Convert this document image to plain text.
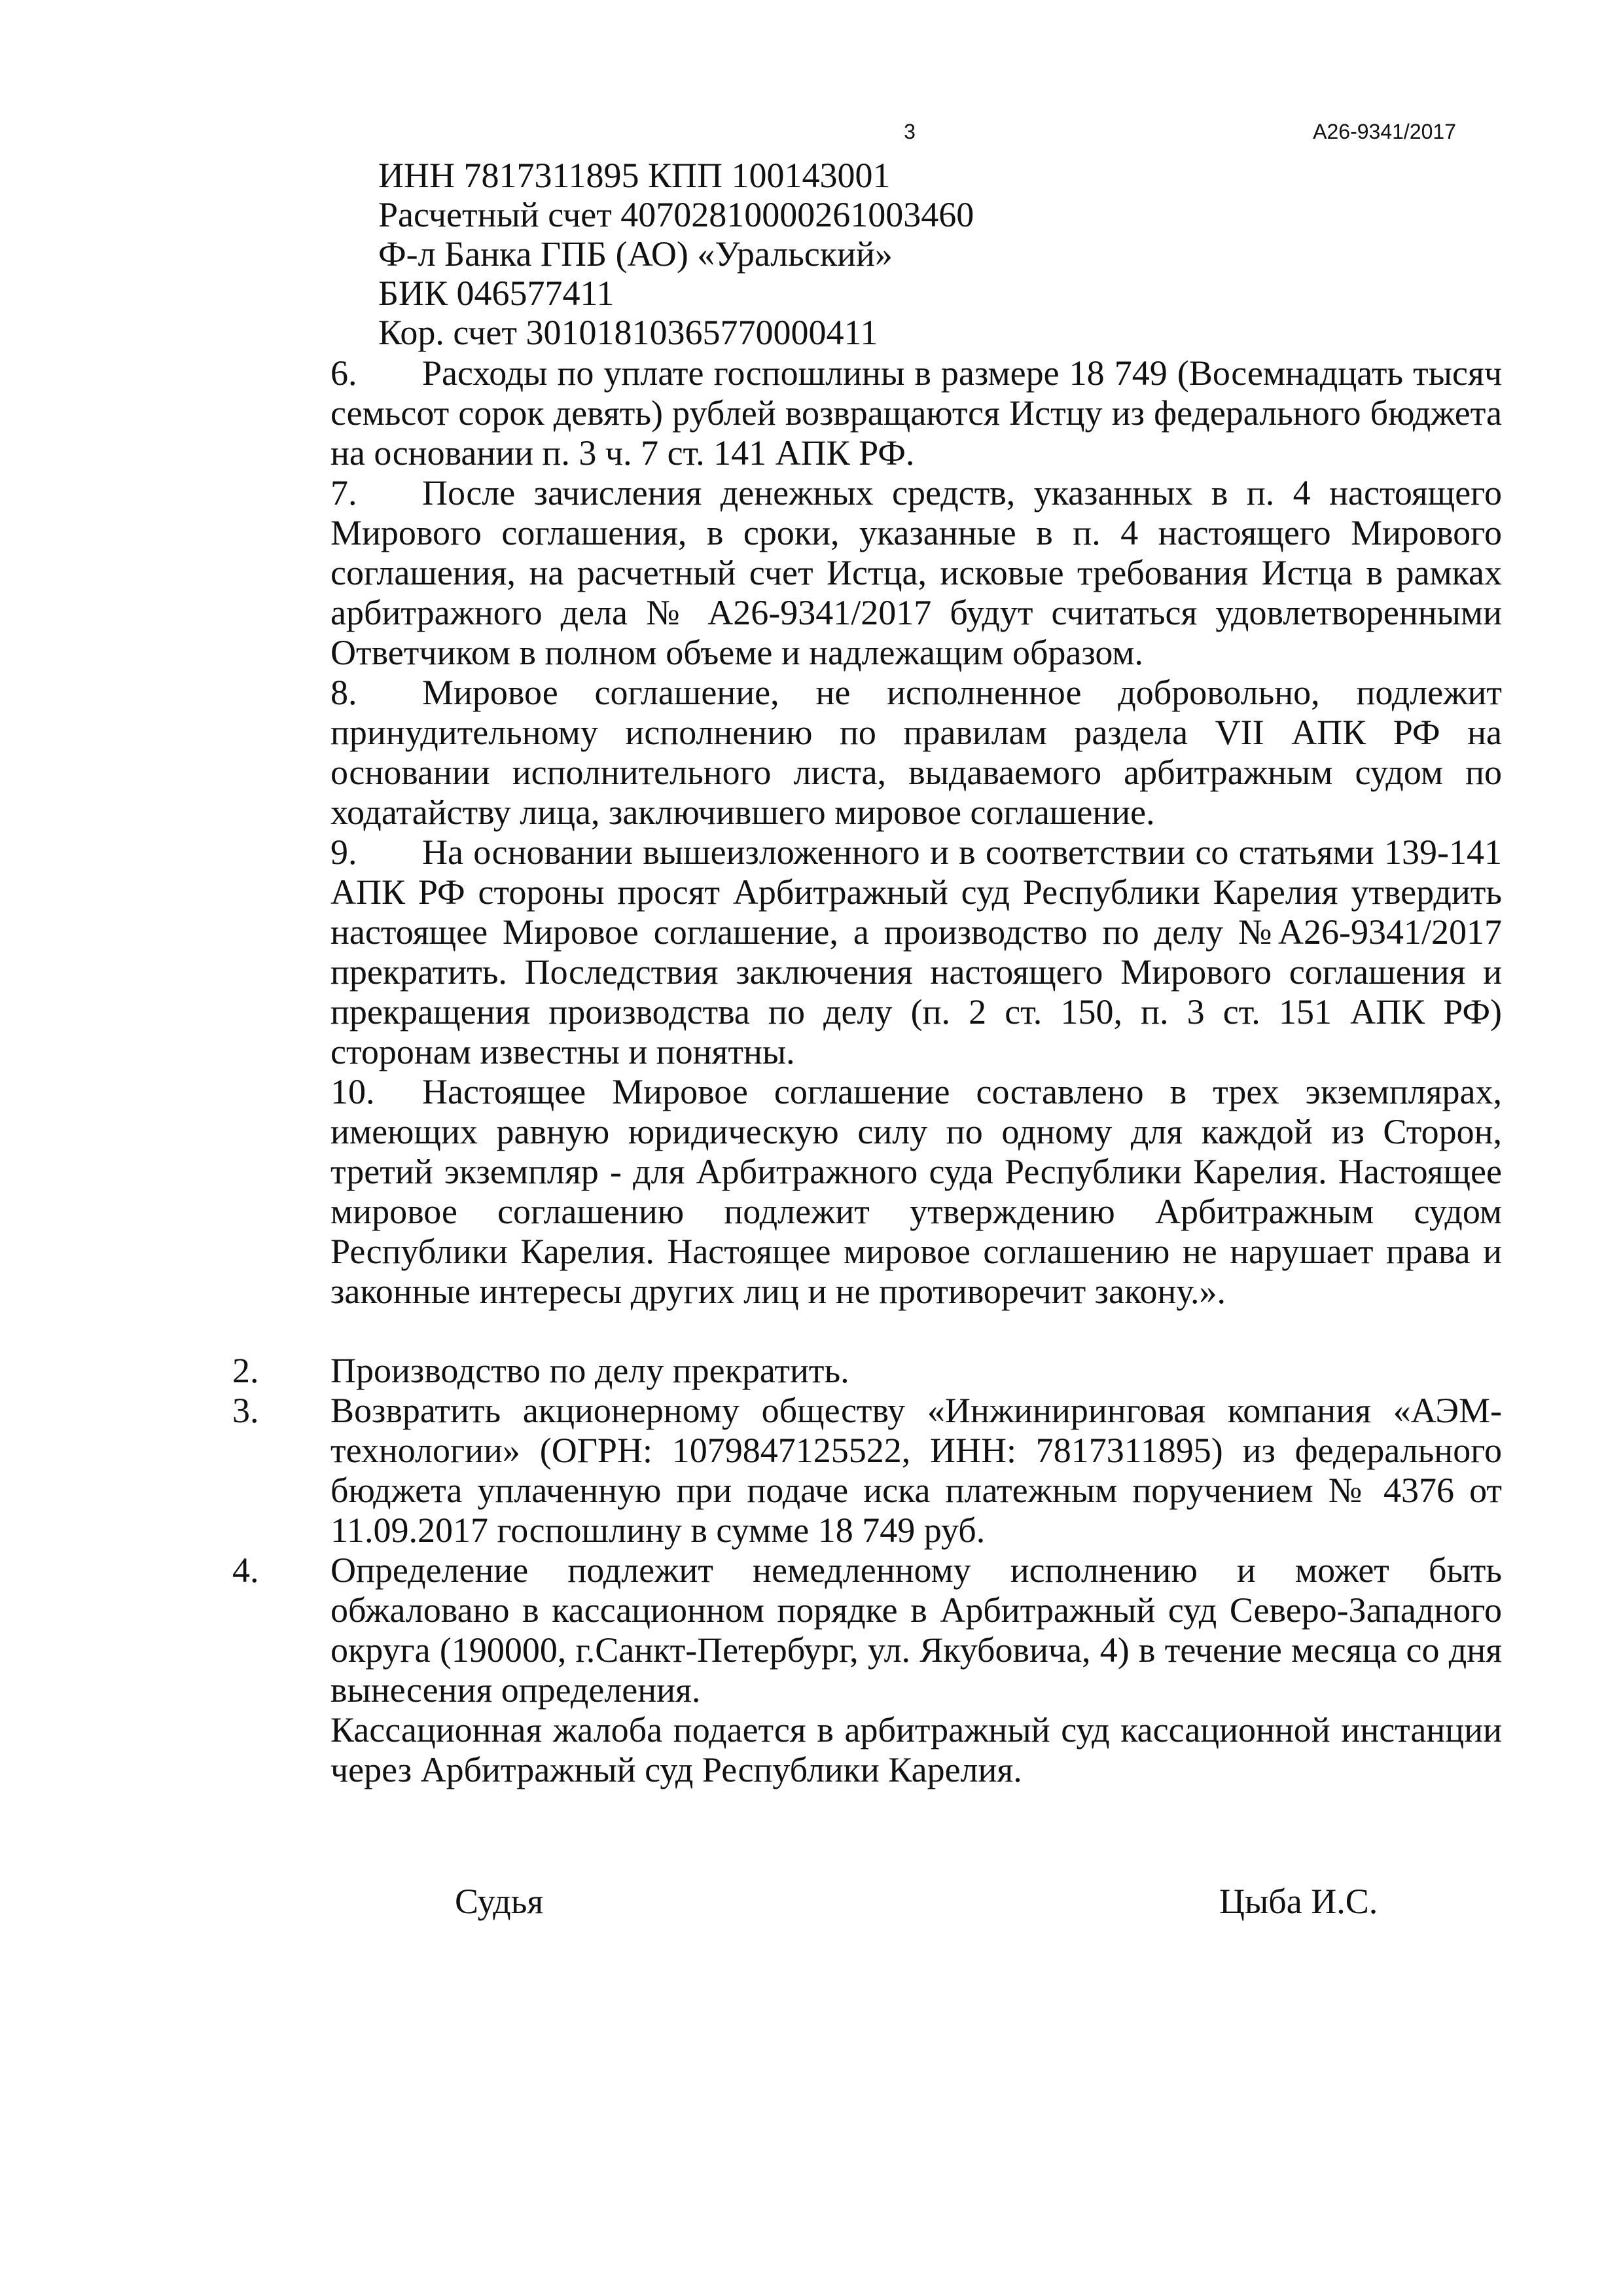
3	А26-9341/2017
ИНН 7817311895 КПП 100143001
Расчетный счет 40702810000261003460
Ф-л Банка ГПБ (АО) «Уральский»
БИК 046577411
Кор. счет 30101810365770000411

6. Расходы по уплате госпошлины в размере 18 749 (Восемнадцать тысяч семьсот сорок девять) рублей возвращаются Истцу из федерального бюджета на основании п. 3 ч. 7 ст. 141 АПК РФ.

7. После зачисления денежных средств, указанных в п. 4 настоящего Мирового соглашения, в сроки, указанные в п. 4 настоящего Мирового соглашения, на расчетный счет Истца, исковые требования Истца в рамках арбитражного дела № А26-9341/2017 будут считаться удовлетворенными Ответчиком в полном объеме и надлежащим образом.

8. Мировое соглашение, не исполненное добровольно, подлежит принудительному исполнению по правилам раздела VII АПК РФ на основании исполнительного листа, выдаваемого арбитражным судом по ходатайству лица, заключившего мировое соглашение.

9. На основании вышеизложенного и в соответствии со статьями 139-141 АПК РФ стороны просят Арбитражный суд Республики Карелия утвердить настоящее Мировое соглашение, а производство по делу №А26-9341/2017 прекратить. Последствия заключения настоящего Мирового соглашения и прекращения производства по делу (п. 2 ст. 150, п. 3 ст. 151 АПК РФ) сторонам известны и понятны.

10. Настоящее Мировое соглашение составлено в трех экземплярах, имеющих равную юридическую силу по одному для каждой из Сторон, третий экземпляр - для Арбитражного суда Республики Карелия. Настоящее мировое соглашению подлежит утверждению Арбитражным судом Республики Карелия. Настоящее мировое соглашению не нарушает права и законные интересы других лиц и не противоречит закону.».

2.	Производство по делу прекратить.
3.	Возвратить акционерному обществу «Инжиниринговая компания «АЭМ-технологии» (ОГРН: 1079847125522, ИНН: 7817311895) из федерального бюджета уплаченную при подаче иска платежным поручением № 4376 от 11.09.2017 госпошлину в сумме 18 749 руб.
4.	Определение подлежит немедленному исполнению и может быть обжаловано в кассационном порядке в Арбитражный суд Северо-Западного округа (190000, г.Санкт-Петербург, ул. Якубовича, 4) в течение месяца со дня вынесения определения.
Кассационная жалоба подается в арбитражный суд кассационной инстанции через Арбитражный суд Республики Карелия.
Судья	Цыба И.С.
